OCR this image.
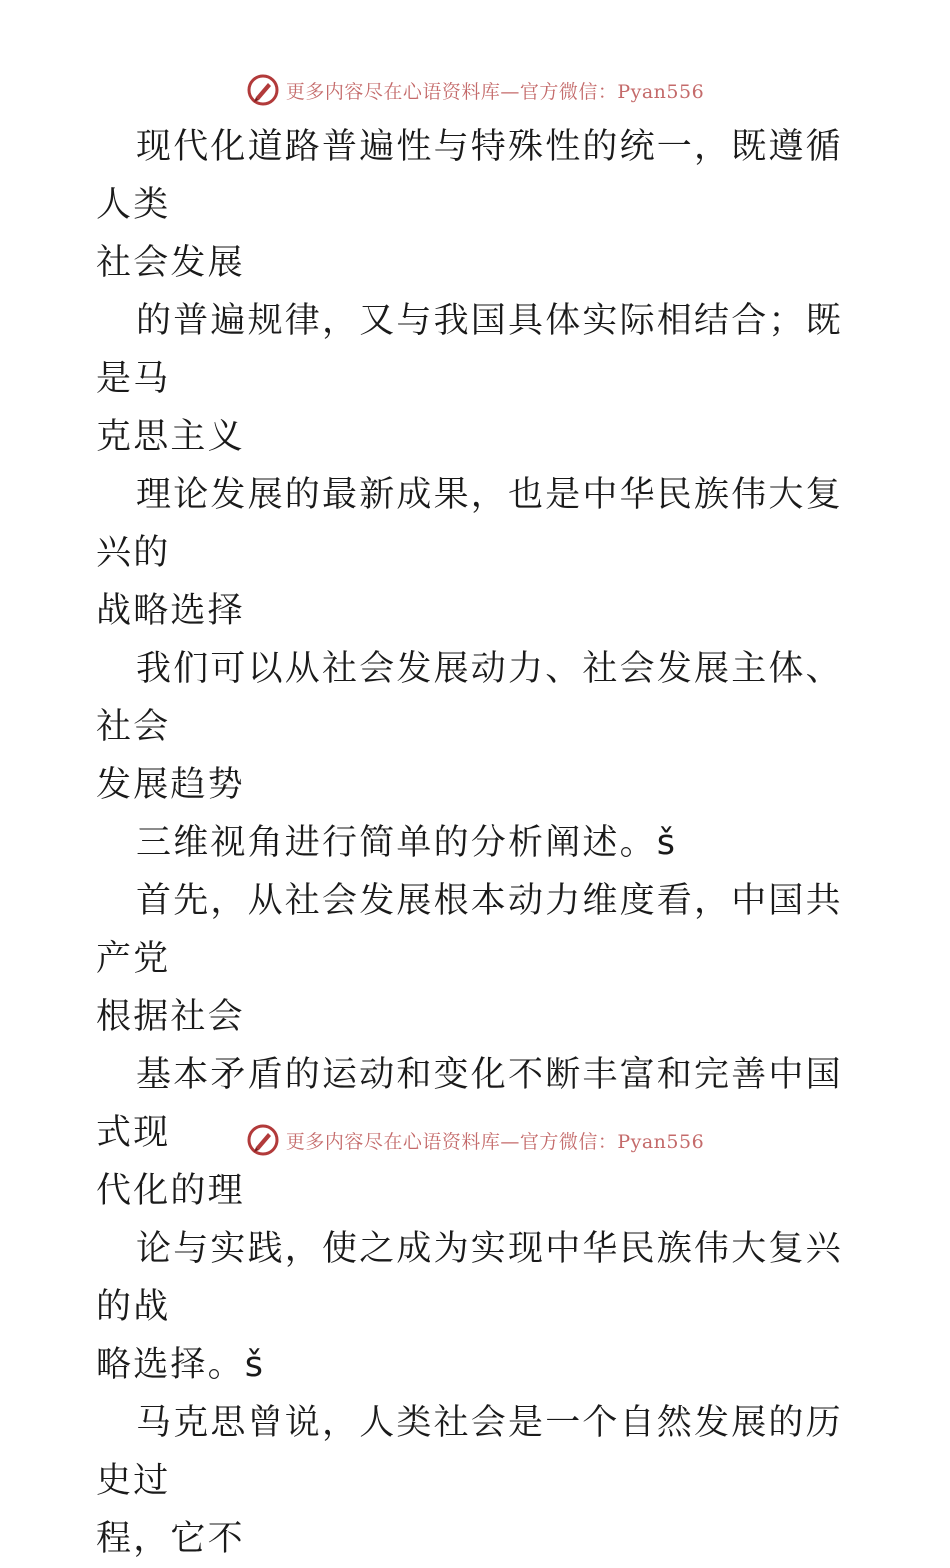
更多内容尽在心语资料库—官方微信：Pyan556

现代化道路普遍性与特殊性的统一，既遵循人类
社会发展

的普遍规律，又与我国具体实际相结合；既是马
克思主义

理论发展的最新成果，也是中华民族伟大复兴的
战略选择

我们可以从社会发展动力、社会发展主体、社会
发展趋势

三维视角进行简单的分析阐述。š

首先，从社会发展根本动力维度看，中国共产党
根据社会

基本矛盾的运动和变化不断丰富和完善中国式现
代化的理

论与实践，使之成为实现中华民族伟大复兴的战
略选择。š

马克思曾说，人类社会是一个自然发展的历史过
程，它不

更多内容尽在心语资料库—官方微信：Pyan556
